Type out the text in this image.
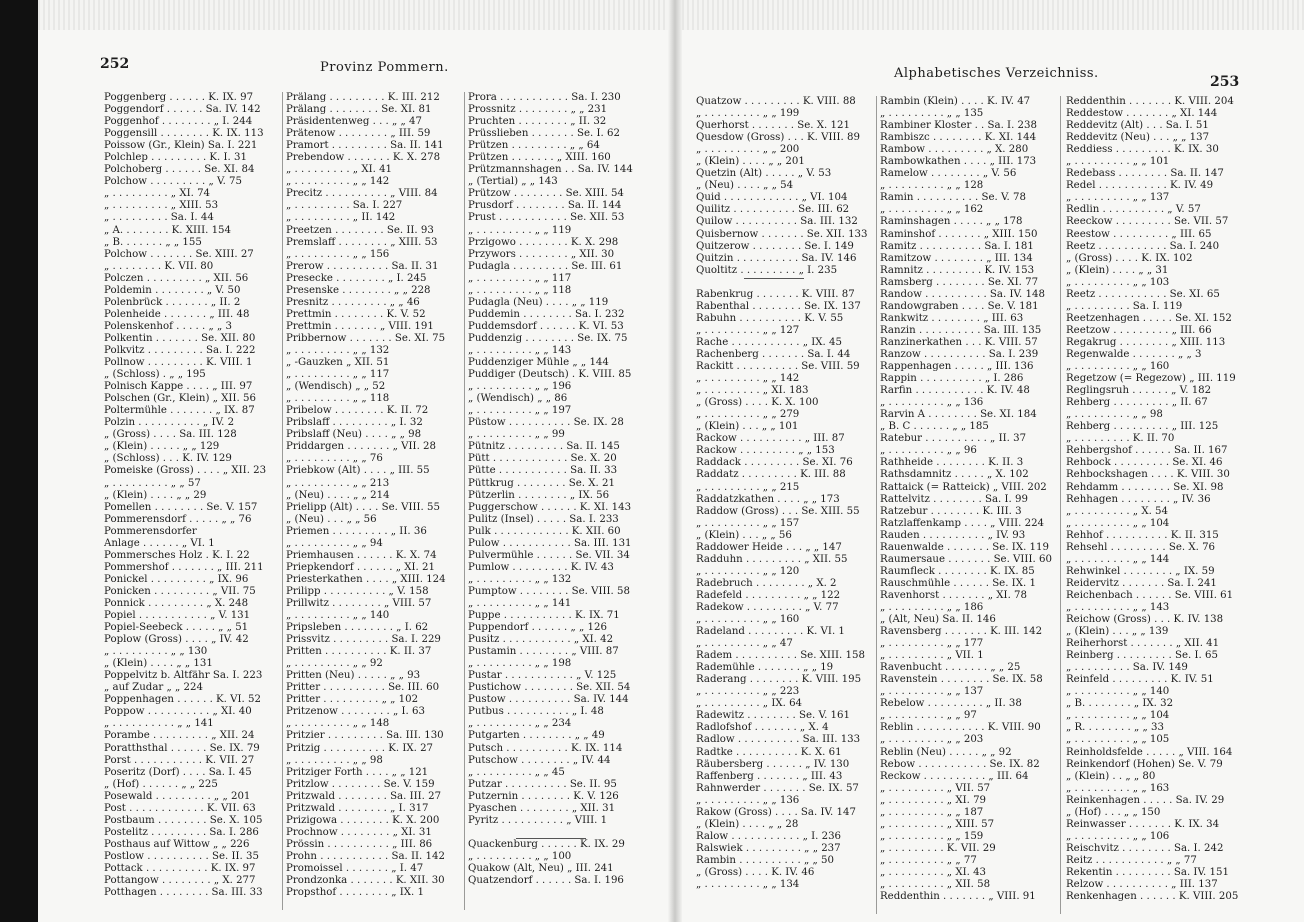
252	Provinz Pommern.
Poggenberg . . . . . . K. IX. 97
Poggendorf . . . . . . Sa. IV. 142
Poggenhof . . . . . . . . „ I. 244
Poggensill . . . . . . . . K. IX. 113
Poissow (Gr., Klein) Sa. I. 221
Polchlep . . . . . . . . . K. I. 31
Polchoberg . . . . . . Se. XI. 84
Polchow . . . . . . . . . „ V. 75
„ . . . . . . . . . „ XI. 74
„ . . . . . . . . . „ XIII. 53
„ . . . . . . . . . Sa. I. 44
„ A. . . . . . . . K. XIII. 154
„ B. . . . . . . „ „ 155
Polchow . . . . . . . Se. XIII. 27
„ . . . . . . . . K. VII. 80
Polczen . . . . . . . . . „ XII. 56
Poldemin . . . . . . . . „ V. 50
Polenbrück . . . . . . . „ II. 2
Polenheide . . . . . . . „ III. 48
Polenskenhof . . . . . „ „ 3
Polkentin . . . . . . . Se. XII. 80
Polkvitz . . . . . . . . . Sa. I. 222
Pollnow . . . . . . . . . K. VIII. 1
„ (Schloss) . „ „ 195
Polnisch Kappe . . . . „ III. 97
Polschen (Gr., Klein) „ XII. 56
Poltermühle . . . . . . . „ IX. 87
Polzin . . . . . . . . . . „ IV. 2
„ (Gross) . . . . Sa. III. 128
„ (Klein) . . . . . „ „ 129
„ (Schloss) . . . K. IV. 129
Pomeiske (Gross) . . . . „ XII. 23
„ . . . . . . . . . „ „ 57
„ (Klein) . . . . „ „ 29
Pomellen . . . . . . . . Se. V. 157
Pommerensdorf . . . . . „ „ 76
Pommerensdorfer
Anlage . . . . . . „ VI. 1
Pommersches Holz . K. I. 22
Pommershof . . . . . . . „ III. 211
Ponickel . . . . . . . . . „ IX. 96
Ponicken . . . . . . . . . „ VII. 75
Ponnick . . . . . . . . . „ X. 248
Popiel . . . . . . . . . . . „ V. 131
Popiel-Seebeck . . . . . „ „ 51
Poplow (Gross) . . . . „ IV. 42
„ . . . . . . . . . „ „ 130
„ (Klein) . . . . „ „ 131
Poppelvitz b. Altfähr Sa. I. 223
„ auf Zudar „ „ 224
Poppenhagen . . . . . . K. VI. 52
Poppow . . . . . . . . . . „ XI. 40
„ . . . . . . . . . . „ „ 141
Porambe . . . . . . . . . „ XII. 24
Poratthsthal . . . . . . Se. IX. 79
Porst . . . . . . . . . . . K. VII. 27
Poseritz (Dorf) . . . . Sa. I. 45
„ (Hof) . . . . . . „ „ 225
Posewald . . . . . . . . . „ „ 201
Post . . . . . . . . . . . . K. VII. 63
Postbaum . . . . . . . . Se. X. 105
Postelitz . . . . . . . . . Sa. I. 286
Posthaus auf Wittow „ „ 226
Postlow . . . . . . . . . . Se. II. 35
Pottack . . . . . . . . . . K. IX. 97
Pottangow . . . . . . . . „ X. 277
Potthagen . . . . . . . . Sa. III. 33
Prälang . . . . . . . . . K. III. 212
Prälang . . . . . . . . Se. XI. 81
Präsidentenweg . . . „ „ 47
Prätenow . . . . . . . . „ III. 59
Pramort . . . . . . . . . Sa. II. 141
Prebendow . . . . . . . K. X. 278
„ . . . . . . . . . „ XI. 41
„ . . . . . . . . . „ „ 142
Precitz . . . . . . . . . . „ VIII. 84
„ . . . . . . . . . Sa. I. 227
„ . . . . . . . . . „ II. 142
Preetzen . . . . . . . . Se. II. 93
Premslaff . . . . . . . . „ XIII. 53
„ . . . . . . . . . „ „ 156
Prerow . . . . . . . . . . Sa. II. 31
Presecke . . . . . . . . „ I. 245
Presenske . . . . . . . . „ „ 228
Presnitz . . . . . . . . . „ „ 46
Prettmin . . . . . . . . K. V. 52
Prettmin . . . . . . . „ VIII. 191
Pribbernow . . . . . . . Se. XI. 75
„ . . . . . . . . . „ „ 132
„ -Gauzken „ XII. 51
„ . . . . . . . . . „ „ 117
„ (Wendisch) „ „ 52
„ . . . . . . . . . „ „ 118
Pribelow . . . . . . . . K. II. 72
Pribslaff . . . . . . . . . „ I. 32
Pribslaff (Neu) . . . . „ „ 98
Priddargen . . . . . . . „ VII. 28
„ . . . . . . . . . „ „ 76
Priebkow (Alt) . . . . „ III. 55
„ . . . . . . . . . „ „ 213
„ (Neu) . . . . „ „ 214
Prielipp (Alt) . . . . Se. VIII. 55
„ (Neu) . . . „ „ 56
Priemen . . . . . . . . . „ II. 36
„ . . . . . . . . . „ „ 94
Priemhausen . . . . . . K. X. 74
Priepkendorf . . . . . . „ XI. 21
Priesterkathen . . . . „ XIII. 124
Prilipp . . . . . . . . . . „ V. 158
Prillwitz . . . . . . . . „ VIII. 57
„ . . . . . . . . . „ „ 140
Pripsleben . . . . . . . . „ I. 62
Prissvitz . . . . . . . . . Sa. I. 229
Pritten . . . . . . . . . . K. II. 37
„ . . . . . . . . . „ „ 92
Pritten (Neu) . . . . . „ „ 93
Pritter . . . . . . . . . . Se. III. 60
Pritter . . . . . . . . . „ „ 102
Pritzenow . . . . . . . . „ I. 63
„ . . . . . . . . . „ „ 148
Pritzier . . . . . . . . . Sa. III. 130
Pritzig . . . . . . . . . . K. IX. 27
„ . . . . . . . . . „ „ 98
Pritziger Forth . . . . „ „ 121
Pritzlow . . . . . . . . Se. V. 159
Pritzwald . . . . . . . . Sa. III. 27
Pritzwald . . . . . . . . „ I. 317
Prizigowa . . . . . . . . K. X. 200
Prochnow . . . . . . . . „ XI. 31
Prössin . . . . . . . . . . „ III. 86
Prohn . . . . . . . . . . . Sa. II. 142
Promoissel . . . . . . . „ I. 47
Prondzonka . . . . . . . K. XII. 30
Propsthof . . . . . . . . „ IX. 1
Prora . . . . . . . . . . . Sa. I. 230
Prossnitz . . . . . . . . „ „ 231
Pruchten . . . . . . . . „ II. 32
Prüsslieben . . . . . . . Se. I. 62
Prützen . . . . . . . . . „ „ 64
Prützen . . . . . . . „ XIII. 160
Prützmannshagen . . Sa. IV. 144
„ (Tertial) „ „ 143
Prützow . . . . . . . . Se. XIII. 54
Prusdorf . . . . . . . . Sa. II. 144
Prust . . . . . . . . . . . Se. XII. 53
„ . . . . . . . . . „ „ 119
Przigowo . . . . . . . . K. X. 298
Przywors . . . . . . . . „ XII. 30
Pudagla . . . . . . . . . Se. III. 61
„ . . . . . . . . . „ „ 117
„ . . . . . . . . . „ „ 118
Pudagla (Neu) . . . . „ „ 119
Puddemin . . . . . . . . Sa. I. 232
Puddemsdorf . . . . . . K. VI. 53
Puddenzig . . . . . . . . Se. IX. 75
„ . . . . . . . . . „ „ 143
Puddenziger Mühle „ „ 144
Puddiger (Deutsch) . K. VIII. 85
„ . . . . . . . . . „ „ 196
„ (Wendisch) „ „ 86
„ . . . . . . . . . „ „ 197
Püstow . . . . . . . . . . Se. IX. 28
„ . . . . . . . . . „ „ 99
Pütnitz . . . . . . . . . Sa. II. 145
Pütt . . . . . . . . . . . . Se. X. 20
Pütte . . . . . . . . . . . Sa. II. 33
Püttkrug . . . . . . . . Se. X. 21
Pützerlin . . . . . . . . „ IX. 56
Puggerschow . . . . . . K. XI. 143
Pulitz (Insel) . . . . . Sa. I. 233
Pulk . . . . . . . . . . . . K. XII. 60
Pulow . . . . . . . . . . . Sa. III. 131
Pulvermühle . . . . . . Se. VII. 34
Pumlow . . . . . . . . . K. IV. 43
„ . . . . . . . . . „ „ 132
Pumptow . . . . . . . . Se. VIII. 58
„ . . . . . . . . . „ „ 141
Puppe . . . . . . . . . . . K. IX. 71
Puppendorf . . . . . . „ „ 126
Pusitz . . . . . . . . . . . „ XI. 42
Pustamin . . . . . . . . „ VIII. 87
„ . . . . . . . . . „ „ 198
Pustar . . . . . . . . . . . „ V. 125
Pustichow . . . . . . . . Se. XII. 54
Pustow . . . . . . . . . . Sa. IV. 144
Putbus . . . . . . . . . . „ I. 48
„ . . . . . . . . . „ „ 234
Putgarten . . . . . . . . „ „ 49
Putsch . . . . . . . . . . K. IX. 114
Putschow . . . . . . . . „ IV. 44
„ . . . . . . . . . „ „ 45
Putzar . . . . . . . . . . Se. II. 95
Putzernin . . . . . . . . K. V. 126
Pyaschen . . . . . . . . „ XII. 31
Pyritz . . . . . . . . . . „ VIII. 1
Quackenburg . . . . . . K. IX. 29
„ . . . . . . . . . „ „ 100
Quakow (Alt, Neu) „ III. 241
Quatzendorf . . . . . . Sa. I. 196
Alphabetisches Verzeichniss.
253
Quatzow . . . . . . . . . K. VIII. 88
„ . . . . . . . . . „ „ 199
Querhorst . . . . . . . Se. X. 121
Quesdow (Gross) . . . K. VIII. 89
„ . . . . . . . . . „ „ 200
„ (Klein) . . . . „ „ 201
Quetzin (Alt) . . . . . „ V. 53
„ (Neu) . . . . „ „ 54
Quid . . . . . . . . . . . . „ VI. 104
Quilitz . . . . . . . . . . Se. III. 62
Quilow . . . . . . . . . . Sa. III. 132
Quisbernow . . . . . . . Se. XII. 133
Quitzerow . . . . . . . . Se. I. 149
Quitzin . . . . . . . . . . Sa. IV. 146
Quoltitz . . . . . . . . . „ I. 235
Rabenkrug . . . . . . . K. VIII. 87
Rabenthal . . . . . . . . Se. IX. 137
Rabuhn . . . . . . . . . . K. V. 55
„ . . . . . . . . . „ „ 127
Rache . . . . . . . . . . . „ IX. 45
Rachenberg . . . . . . . Sa. I. 44
Rackitt . . . . . . . . . . Se. VIII. 59
„ . . . . . . . . . „ „ 142
„ . . . . . . . . . „ XI. 183
„ (Gross) . . . . K. X. 100
„ . . . . . . . . . „ „ 279
„ (Klein) . . . „ „ 101
Rackow . . . . . . . . . . „ III. 87
Rackow . . . . . . . . . „ „ 153
Raddack . . . . . . . . . Se. XI. 76
Raddatz . . . . . . . . . K. III. 88
„ . . . . . . . . . „ „ 215
Raddatzkathen . . . . „ „ 173
Raddow (Gross) . . . Se. XIII. 55
„ . . . . . . . . . „ „ 157
„ (Klein) . . . „ „ 56
Raddower Heide . . . „ „ 147
Radduhn . . . . . . . . . „ XII. 55
„ . . . . . . . . . „ „ 120
Radebruch . . . . . . . . „ X. 2
Radefeld . . . . . . . . . „ „ 122
Radekow . . . . . . . . . „ V. 77
„ . . . . . . . . . „ „ 160
Radeland . . . . . . . . . K. VI. 1
„ . . . . . . . . . „ „ 47
Radem . . . . . . . . . . Se. XIII. 158
Rademühle . . . . . . . „ „ 19
Raderang . . . . . . . . K. VIII. 195
„ . . . . . . . . . „ „ 223
„ . . . . . . . . . „ IX. 64
Radewitz . . . . . . . . Se. V. 161
Radlofshof . . . . . . . „ X. 4
Radlow . . . . . . . . . . Sa. III. 133
Radtke . . . . . . . . . . K. X. 61
Räubersberg . . . . . . „ IV. 130
Raffenberg . . . . . . . „ III. 43
Rahnwerder . . . . . . . Se. IX. 57
„ . . . . . . . . . „ „ 136
Rakow (Gross) . . . . Sa. IV. 147
„ (Klein) . . . . „ „ 28
Ralow . . . . . . . . . . . „ I. 236
Ralswiek . . . . . . . . . „ „ 237
Rambin . . . . . . . . . . „ „ 50
„ (Gross) . . . . K. IV. 46
„ . . . . . . . . . „ „ 134
Rambin (Klein) . . . . K. IV. 47
„ . . . . . . . . . „ „ 135
Rambiner Kloster . . Sa. I. 238
Rambiszc . . . . . . . . K. XI. 144
Rambow . . . . . . . . . „ X. 280
Rambowkathen . . . . „ III. 173
Ramelow . . . . . . . . „ V. 56
„ . . . . . . . . . „ „ 128
Ramin . . . . . . . . . . Se. V. 78
„ . . . . . . . . . „ „ 162
Raminshagen . . . . . „ „ 178
Raminshof . . . . . . . „ XIII. 150
Ramitz . . . . . . . . . . Sa. I. 181
Ramitzow . . . . . . . . „ III. 134
Ramnitz . . . . . . . . . K. IV. 153
Ramsberg . . . . . . . . Se. XI. 77
Randow . . . . . . . . . . Sa. IV. 148
Randowgraben . . . . Se. V. 181
Rankwitz . . . . . . . . „ III. 63
Ranzin . . . . . . . . . . Sa. III. 135
Ranzinerkathen . . . K. VIII. 57
Ranzow . . . . . . . . . . Sa. I. 239
Rappenhagen . . . . . „ III. 136
Rappin . . . . . . . . . . „ I. 286
Rarfin . . . . . . . . . . . K. IV. 48
„ . . . . . . . . . „ „ 136
Rarvin A . . . . . . . . Se. XI. 184
„ B. C . . . . . . „ „ 185
Ratebur . . . . . . . . . . „ II. 37
„ . . . . . . . . . „ „ 96
Rathheide . . . . . . . . K. II. 3
Rathsdamnitz . . . . . „ X. 102
Rattaick (= Ratteick) „ VIII. 202
Rattelvitz . . . . . . . . Sa. I. 99
Ratzebur . . . . . . . . K. III. 3
Ratzlaffenkamp . . . . „ VIII. 224
Rauden . . . . . . . . . . „ IV. 93
Rauenwalde . . . . . . . Se. IX. 119
Raumersaue . . . . . . . Se. VIII. 60
Raumfleck . . . . . . . . K. IX. 85
Rauschmühle . . . . . . Se. IX. 1
Ravenhorst . . . . . . . „ XI. 78
„ . . . . . . . . . „ „ 186
„ (Alt, Neu) Sa. II. 146
Ravensberg . . . . . . . K. III. 142
„ . . . . . . . . . „ „ 177
„ . . . . . . . . . „ VII. 1
Ravenbucht . . . . . . . „ „ 25
Ravenstein . . . . . . . . Se. IX. 58
„ . . . . . . . . . „ „ 137
Rebelow . . . . . . . . . „ II. 38
„ . . . . . . . . . „ „ 97
Reblin . . . . . . . . . . . K. VIII. 90
„ . . . . . . . . . „ „ 203
Reblin (Neu) . . . . . „ „ 92
Rebow . . . . . . . . . . . Se. IX. 82
Reckow . . . . . . . . . . „ III. 64
„ . . . . . . . . . „ VII. 57
„ . . . . . . . . . „ XI. 79
„ . . . . . . . . . „ „ 187
„ . . . . . . . . . „ XIII. 57
„ . . . . . . . . . „ „ 159
„ . . . . . . . . . K. VII. 29
„ . . . . . . . . . „ „ 77
„ . . . . . . . . . „ XI. 43
„ . . . . . . . . . „ XII. 58
Reddenthin . . . . . . . „ VIII. 91
Reddenthin . . . . . . . K. VIII. 204
Reddestow . . . . . . . „ XI. 144
Reddevitz (Alt) . . . Sa. I. 51
Reddevitz (Neu) . . . „ „ 137
Reddiess . . . . . . . . . K. IX. 30
„ . . . . . . . . . „ „ 101
Redebass . . . . . . . . Sa. II. 147
Redel . . . . . . . . . . . K. IV. 49
„ . . . . . . . . . „ „ 137
Redlin . . . . . . . . . . „ V. 57
Reeckow . . . . . . . . . Se. VII. 57
Reestow . . . . . . . . . „ III. 65
Reetz . . . . . . . . . . . Sa. I. 240
„ (Gross) . . . . K. IX. 102
„ (Klein) . . . . „ „ 31
„ . . . . . . . . . „ „ 103
Reetz . . . . . . . . . . . Se. XI. 65
„ . . . . . . . . . Sa. I. 119
Reetzenhagen . . . . . Se. XI. 152
Reetzow . . . . . . . . . „ III. 66
Regakrug . . . . . . . . „ XIII. 113
Regenwalde . . . . . . . „ „ 3
„ . . . . . . . . . „ „ 160
Regetzow (= Regezow) „ III. 119
Reglingsruh . . . . . . „ V. 182
Rehberg . . . . . . . . . „ II. 67
„ . . . . . . . . . „ „ 98
Rehberg . . . . . . . . . „ III. 125
„ . . . . . . . . . K. II. 70
Rehbergshof . . . . . . Sa. II. 167
Rehbock . . . . . . . . . Se. XI. 46
Rehbockshagen . . . . K. VIII. 30
Rehdamm . . . . . . . . Se. XI. 98
Rehhagen . . . . . . . . „ IV. 36
„ . . . . . . . . . „ X. 54
„ . . . . . . . . . „ „ 104
Rehhof . . . . . . . . . . K. II. 315
Rehsehl . . . . . . . . . Se. X. 76
„ . . . . . . . . . „ „ 144
Rehwinkel . . . . . . . . „ IX. 59
Reidervitz . . . . . . . Sa. I. 241
Reichenbach . . . . . . Se. VIII. 61
„ . . . . . . . . . „ „ 143
Reichow (Gross) . . . K. IV. 138
„ (Klein) . . . „ „ 139
Reiherhorst . . . . . . . „ XII. 41
Reinberg . . . . . . . . . Se. I. 65
„ . . . . . . . . . Sa. IV. 149
Reinfeld . . . . . . . . . K. IV. 51
„ . . . . . . . . . „ „ 140
„ B. . . . . . . . „ IX. 32
„ . . . . . . . . . „ „ 104
„ R. . . . . . . . „ „ 33
„ . . . . . . . . . „ „ 105
Reinholdsfelde . . . . . „ VIII. 164
Reinkendorf (Hohen) Se. V. 79
„ (Klein) . . „ „ 80
„ . . . . . . . . . „ „ 163
Reinkenhagen . . . . . Sa. IV. 29
„ (Hof) . . . „ „ 150
Reinwasser . . . . . . . K. IX. 34
„ . . . . . . . . . „ „ 106
Reischvitz . . . . . . . . Sa. I. 242
Reitz . . . . . . . . . . . „ „ 77
Rekentin . . . . . . . . . Sa. IV. 151
Relzow . . . . . . . . . . „ III. 137
Renkenhagen . . . . . . K. VIII. 205
